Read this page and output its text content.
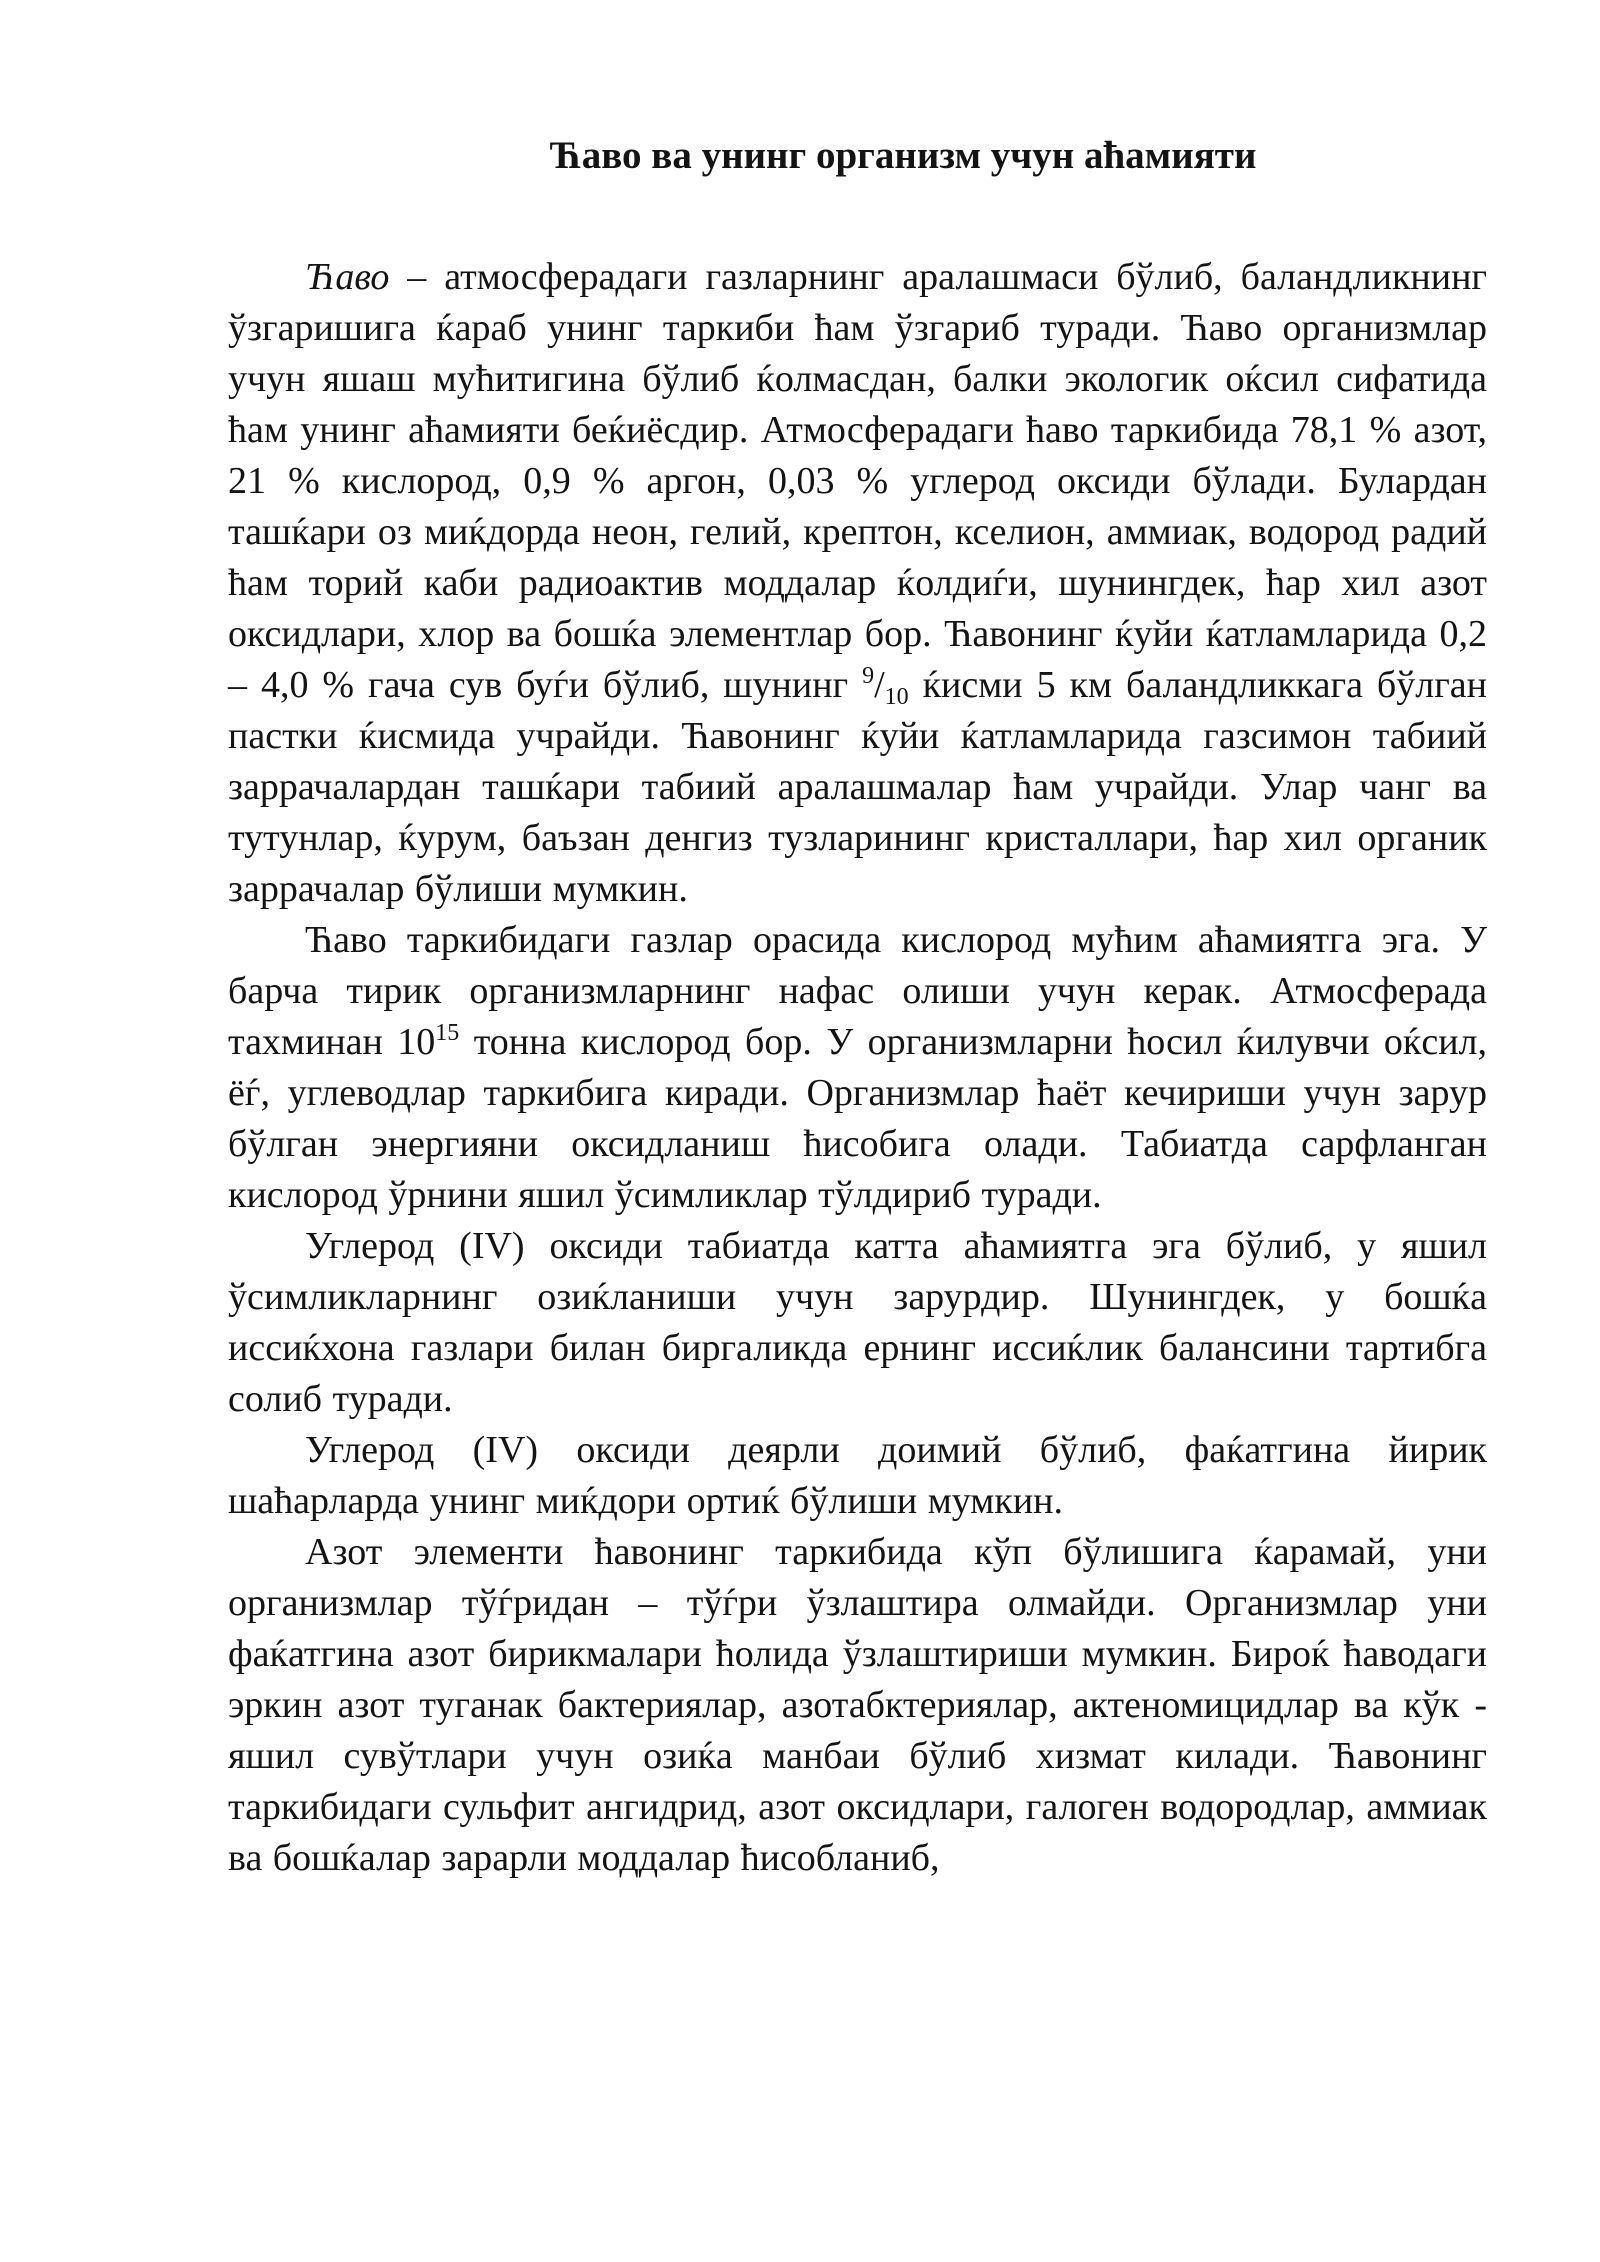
Ћаво ва унинг организм учун аћамияти

Ћаво – атмосферадаги газларнинг аралашмаси бўлиб, баландликнинг ўзгаришига ќараб унинг таркиби ћам ўзгариб туради. Ћаво организмлар учун яшаш мућитигина бўлиб ќолмасдан, балки экологик оќсил сифатида ћам унинг аћамияти беќиёсдир. Атмосферадаги ћаво таркибида 78,1 % азот, 21 % кислород, 0,9 % аргон, 0,03 % углерод оксиди бўлади. Булардан ташќари оз миќдорда неон, гелий, крептон, кселион, аммиак, водород радий ћам торий каби радиоактив моддалар ќолдиѓи, шунингдек, ћар хил азот оксидлари, хлор ва бошќа элементлар бор. Ћавонинг ќуйи ќатламларида 0,2 – 4,0 % гача сув буѓи бўлиб, шунинг $^9/_{10}$ ќисми 5 км баландликкага бўлган пастки ќисмида учрайди. Ћавонинг ќуйи ќатламларида газсимон табиий заррачалардан ташќари табиий аралашмалар ћам учрайди. Улар чанг ва тутунлар, ќурум, баъзан денгиз тузларининг кристаллари, ћар хил органик заррачалар бўлиши мумкин.

Ћаво таркибидаги газлар орасида кислород мућим аћамиятга эга. У барча тирик организмларнинг нафас олиши учун керак. Атмосферада тахминан $10^{15}$ тонна кислород бор. У организмларни ћосил ќилувчи оќсил, ёѓ, углеводлар таркибига киради. Организмлар ћаёт кечириши учун зарур бўлган энергияни оксидланиш ћисобига олади. Табиатда сарфланган кислород ўрнини яшил ўсимликлар тўлдириб туради.

Углерод (IV) оксиди табиатда катта аћамиятга эга бўлиб, у яшил ўсимликларнинг озиќланиши учун зарурдир. Шунингдек, у бошќа иссиќхона газлари билан биргаликда ернинг иссиќлик балансини тартибга солиб туради.

Углерод (IV) оксиди деярли доимий бўлиб, фаќатгина йирик шаћарларда унинг миќдори ортиќ бўлиши мумкин.

Азот элементи ћавонинг таркибида кўп бўлишига ќарамай, уни организмлар тўѓридан – тўѓри ўзлаштира олмайди. Организмлар уни фаќатгина азот бирикмалари ћолида ўзлаштириши мумкин. Бироќ ћаводаги эркин азот туганак бактериялар, азотабктериялар, актеномицидлар ва кўк - яшил сувўтлари учун озиќа манбаи бўлиб хизмат килади. Ћавонинг таркибидаги сульфит ангидрид, азот оксидлари, галоген водородлар, аммиак ва бошќалар зарарли моддалар ћисобланиб,
